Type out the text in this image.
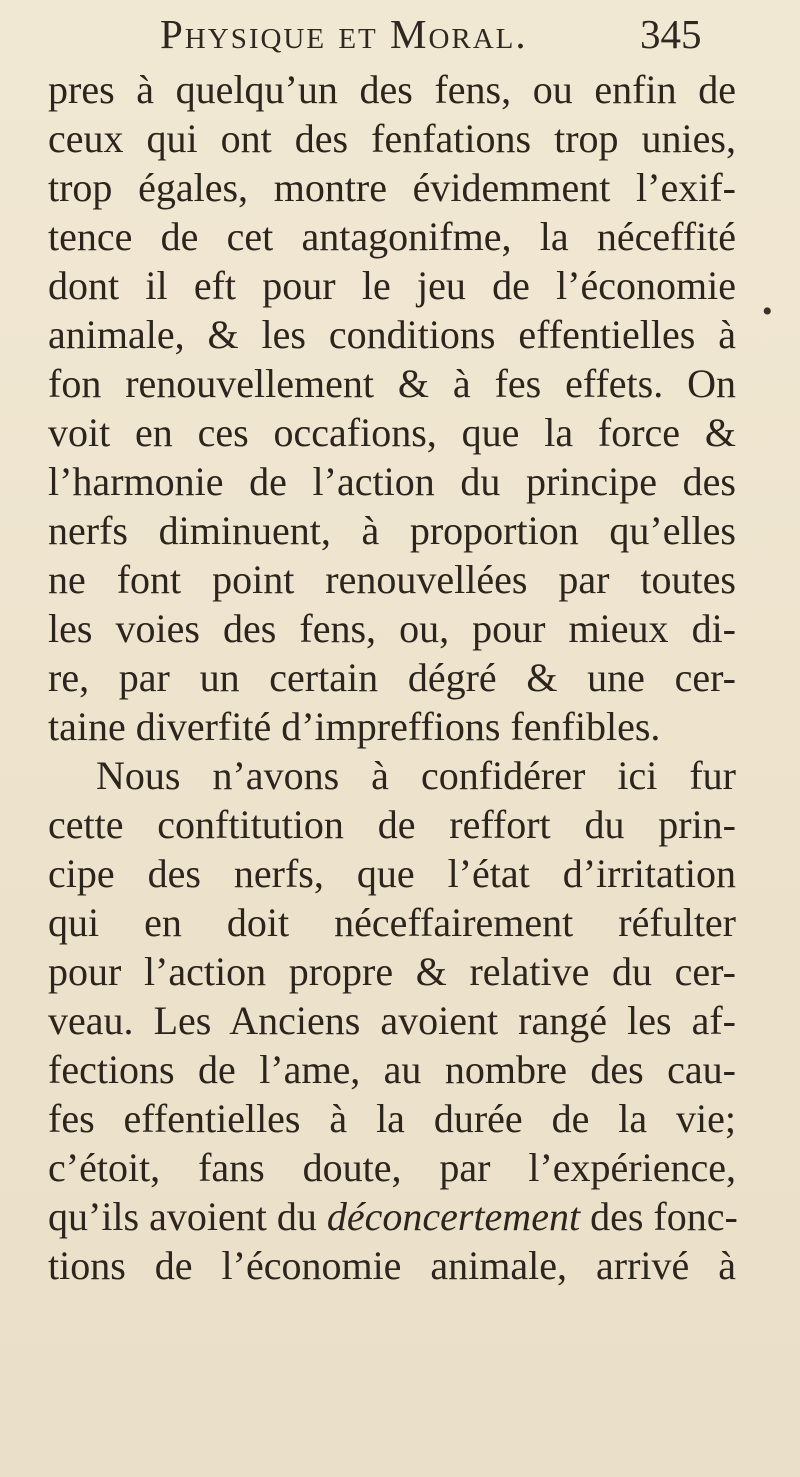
Physique et Moral.	345
pres à quelqu’un des fens, ou enfin de
ceux qui ont des fenfations trop unies,
trop égales, montre évidemment l’exif-
tence de cet antagonifme, la néceffité
dont il eft pour le jeu de l’économie
animale, & les conditions effentielles à
fon renouvellement & à fes effets. On
voit en ces occafions, que la force &
l’harmonie de l’action du principe des
nerfs diminuent, à proportion qu’elles
ne font point renouvellées par toutes
les voies des fens, ou, pour mieux di-
re, par un certain dégré & une cer-
taine diverfité d’impreffions fenfibles.
Nous n’avons à confidérer ici fur
cette conftitution de reffort du prin-
cipe des nerfs, que l’état d’irritation
qui en doit néceffairement réfulter
pour l’action propre & relative du cer-
veau. Les Anciens avoient rangé les af-
fections de l’ame, au nombre des cau-
fes effentielles à la durée de la vie;
c’étoit, fans doute, par l’expérience,
qu’ils avoient du déconcertement des fonc-
tions de l’économie animale, arrivé à
•
